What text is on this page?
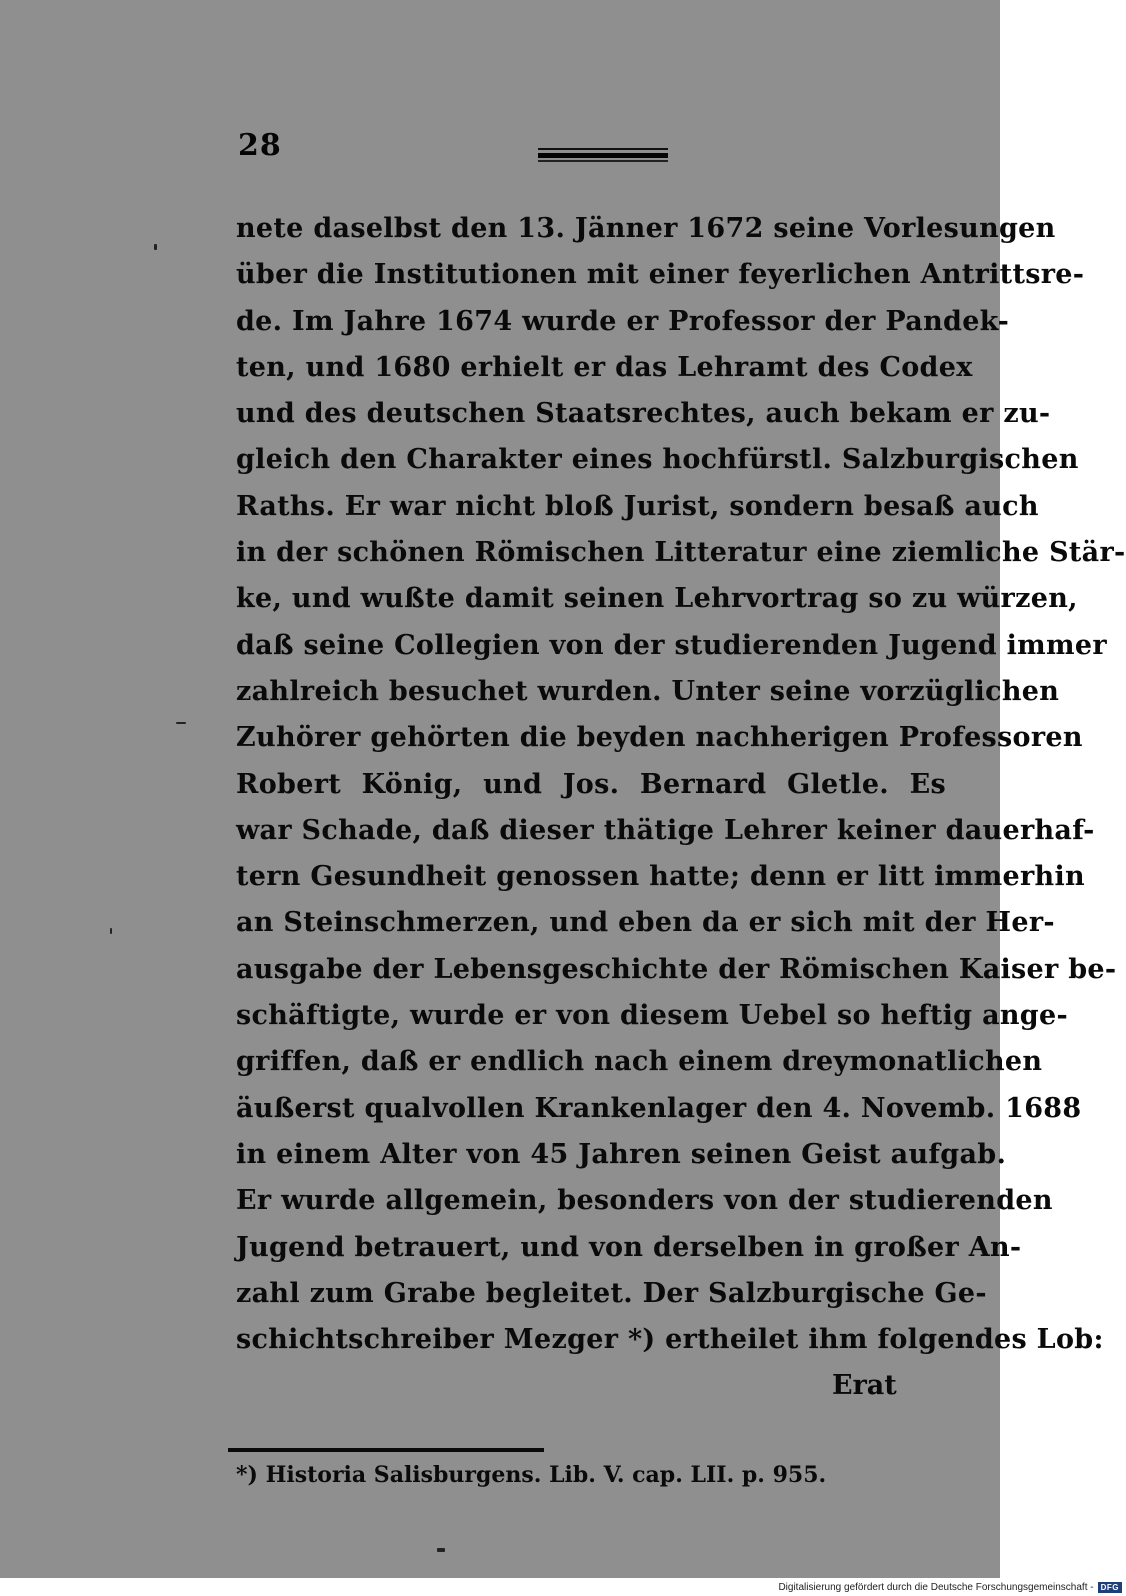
28
nete daselbst den 13. Jänner 1672 seine Vorlesungen
über die Institutionen mit einer feyerlichen Antrittsre-
de. Im Jahre 1674 wurde er Professor der Pandek-
ten, und 1680 erhielt er das Lehramt des Codex
und des deutschen Staatsrechtes, auch bekam er zu-
gleich den Charakter eines hochfürstl. Salzburgischen
Raths. Er war nicht bloß Jurist, sondern besaß auch
in der schönen Römischen Litteratur eine ziemliche Stär-
ke, und wußte damit seinen Lehrvortrag so zu würzen,
daß seine Collegien von der studierenden Jugend immer
zahlreich besuchet wurden. Unter seine vorzüglichen
Zuhörer gehörten die beyden nachherigen Professoren
Robert König, und Jos. Bernard Gletle. Es
war Schade, daß dieser thätige Lehrer keiner dauerhaf-
tern Gesundheit genossen hatte; denn er litt immerhin
an Steinschmerzen, und eben da er sich mit der Her-
ausgabe der Lebensgeschichte der Römischen Kaiser be-
schäftigte, wurde er von diesem Uebel so heftig ange-
griffen, daß er endlich nach einem dreymonatlichen
äußerst qualvollen Krankenlager den 4. Novemb. 1688
in einem Alter von 45 Jahren seinen Geist aufgab.
Er wurde allgemein, besonders von der studierenden
Jugend betrauert, und von derselben in großer An-
zahl zum Grabe begleitet. Der Salzburgische Ge-
schichtschreiber Mezger *) ertheilet ihm folgendes Lob:
Erat
*) Historia Salisburgens. Lib. V. cap. LII. p. 955.
Digitalisierung gefördert durch die Deutsche Forschungsgemeinschaft - DFG
